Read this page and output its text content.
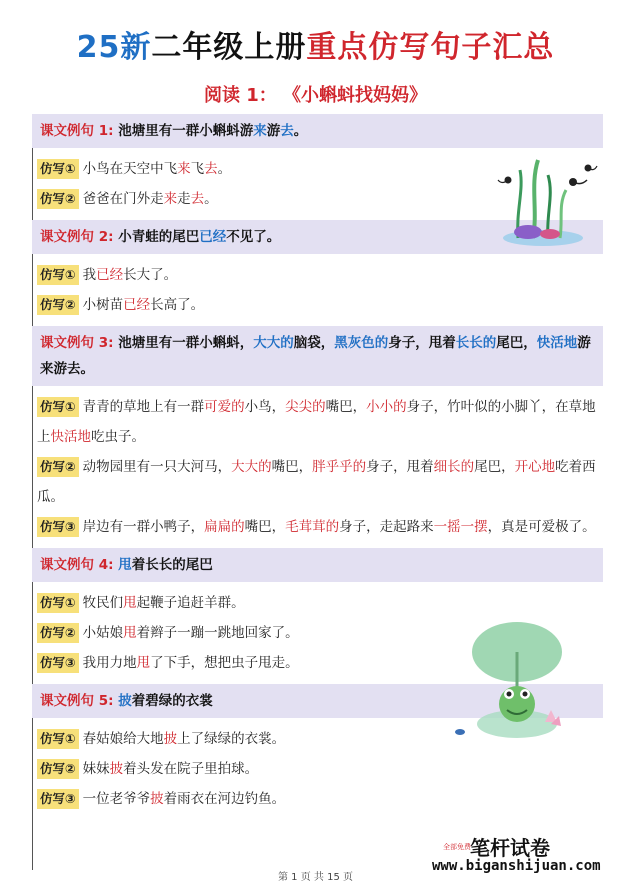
25新二年级上册重点仿写句子汇总
阅读 1： 《小蝌蚪找妈妈》
课文例句 1: 池塘里有一群小蝌蚪游来游去。
仿写① 小鸟在天空中飞来飞去。
仿写② 爸爸在门外走来走去。
课文例句 2: 小青蛙的尾巴已经不见了。
仿写① 我已经长大了。
仿写② 小树苗已经长高了。
课文例句 3: 池塘里有一群小蝌蚪，大大的脑袋，黑灰色的身子，甩着长长的尾巴，快活地游来游去。
仿写① 青青的草地上有一群可爱的小鸟，尖尖的嘴巴，小小的身子，竹叶似的小脚丫，在草地上快活地吃虫子。
仿写② 动物园里有一只大河马，大大的嘴巴，胖乎乎的身子，甩着细长的尾巴，开心地吃着西瓜。
仿写③ 岸边有一群小鸭子，扁扁的嘴巴，毛茸茸的身子，走起路来一摇一摆，真是可爱极了。
课文例句 4: 甩着长长的尾巴
仿写① 牧民们甩起鞭子追赶羊群。
仿写② 小姑娘甩着辫子一蹦一跳地回家了。
仿写③ 我用力地甩了下手，想把虫子甩走。
课文例句 5: 披着碧绿的衣裳
仿写① 春姑娘给大地披上了绿绿的衣裳。
仿写② 妹妹披着头发在院子里拍球。
仿写③ 一位老爷爷披着雨衣在河边钓鱼。
全部免费 笔杆试卷
www.biganshijuan.com
第 1 页 共 15 页
